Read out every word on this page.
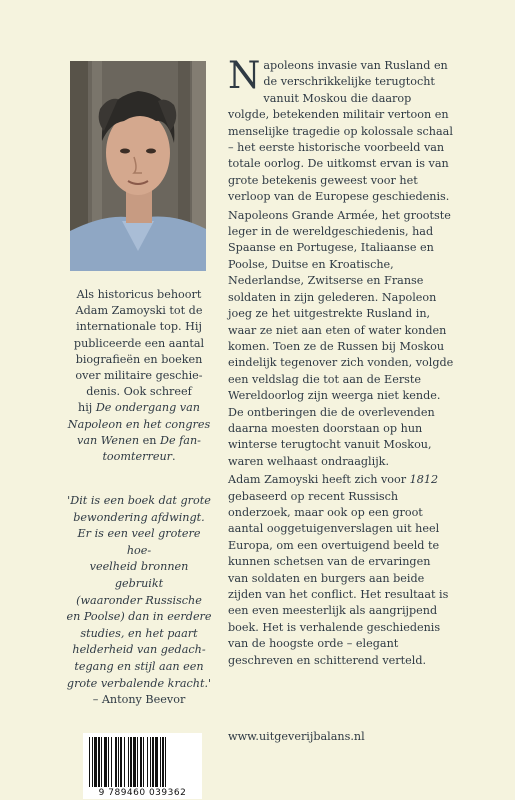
Als historicus behoort
Adam Zamoyski tot de
internationale top. Hij
publiceerde een aantal
biografieën en boeken
over militaire geschie-
denis. Ook schreef
hij De ondergang van
Napoleon en het congres
van Wenen en De fan-
toomterreur.
'Dit is een boek dat grote
bewondering afdwingt.
Er is een veel grotere hoe-
veelheid bronnen gebruikt
(waaronder Russische
en Poolse) dan in eerdere
studies, en het paart
helderheid van gedach-
tegang en stijl aan een
grote verbalende kracht.'
– Antony Beevor

Napoleons invasie van Rusland en de verschrikkelijke terugtocht vanuit Moskou die daarop volgde, betekenden militair vertoon en menselijke tragedie op kolossale schaal – het eerste historische voorbeeld van totale oorlog. De uitkomst ervan is van grote betekenis geweest voor het verloop van de Europese geschiedenis.

Napoleons Grande Armée, het grootste leger in de wereldgeschiedenis, had Spaanse en Portugese, Italiaanse en Poolse, Duitse en Kroatische, Nederlandse, Zwitserse en Franse soldaten in zijn gelederen. Napoleon joeg ze het uitgestrekte Rusland in, waar ze niet aan eten of water konden komen. Toen ze de Russen bij Moskou eindelijk tegenover zich vonden, volgde een veldslag die tot aan de Eerste Wereldoorlog zijn weerga niet kende. De ontberingen die de overlevenden daarna moesten doorstaan op hun winterse terugtocht vanuit Moskou, waren welhaast ondraaglijk.

Adam Zamoyski heeft zich voor 1812 gebaseerd op recent Russisch onderzoek, maar ook op een groot aantal ooggetuigenverslagen uit heel Europa, om een overtuigend beeld te kunnen schetsen van de ervaringen van soldaten en burgers aan beide zijden van het conflict. Het resultaat is een even meesterlijk als aangrijpend boek. Het is verhalende geschiedenis van de hoogste orde – elegant geschreven en schitterend verteld.

www.uitgeverijbalans.nl
9 789460 039362
